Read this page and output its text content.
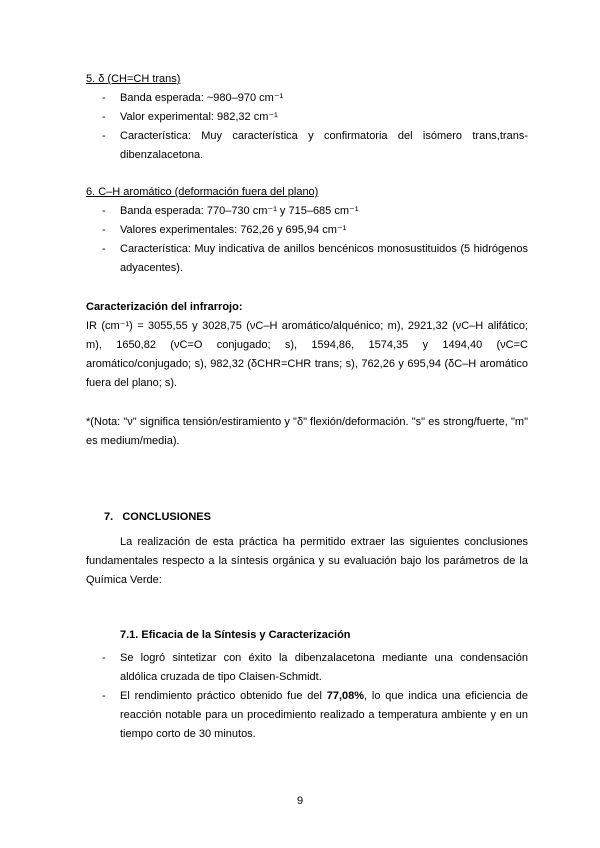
5. δ (CH=CH trans)
- Banda esperada: ~980–970 cm⁻¹
- Valor experimental: 982,32 cm⁻¹
- Característica: Muy característica y confirmatoria del isómero trans,trans-dibenzalacetona.
6. C–H aromático (deformación fuera del plano)
- Banda esperada: 770–730 cm⁻¹ y 715–685 cm⁻¹
- Valores experimentales: 762,26 y 695,94 cm⁻¹
- Característica: Muy indicativa de anillos bencénicos monosustituidos (5 hidrógenos adyacentes).
Caracterización del infrarrojo:
IR (cm⁻¹) = 3055,55 y 3028,75 (νC–H aromático/alquénico; m), 2921,32 (νC–H alifático; m), 1650,82 (νC=O conjugado; s), 1594,86, 1574,35 y 1494,40 (νC=C aromático/conjugado; s), 982,32 (δCHR=CHR trans; s), 762,26 y 695,94 (δC–H aromático fuera del plano; s).
*(Nota: "ν" significa tensión/estiramiento y "δ" flexión/deformación. "s" es strong/fuerte, "m" es medium/media).
7. CONCLUSIONES
La realización de esta práctica ha permitido extraer las siguientes conclusiones fundamentales respecto a la síntesis orgánica y su evaluación bajo los parámetros de la Química Verde:
7.1. Eficacia de la Síntesis y Caracterización
- Se logró sintetizar con éxito la dibenzalacetona mediante una condensación aldólica cruzada de tipo Claisen-Schmidt.
- El rendimiento práctico obtenido fue del 77,08%, lo que indica una eficiencia de reacción notable para un procedimiento realizado a temperatura ambiente y en un tiempo corto de 30 minutos.
9
